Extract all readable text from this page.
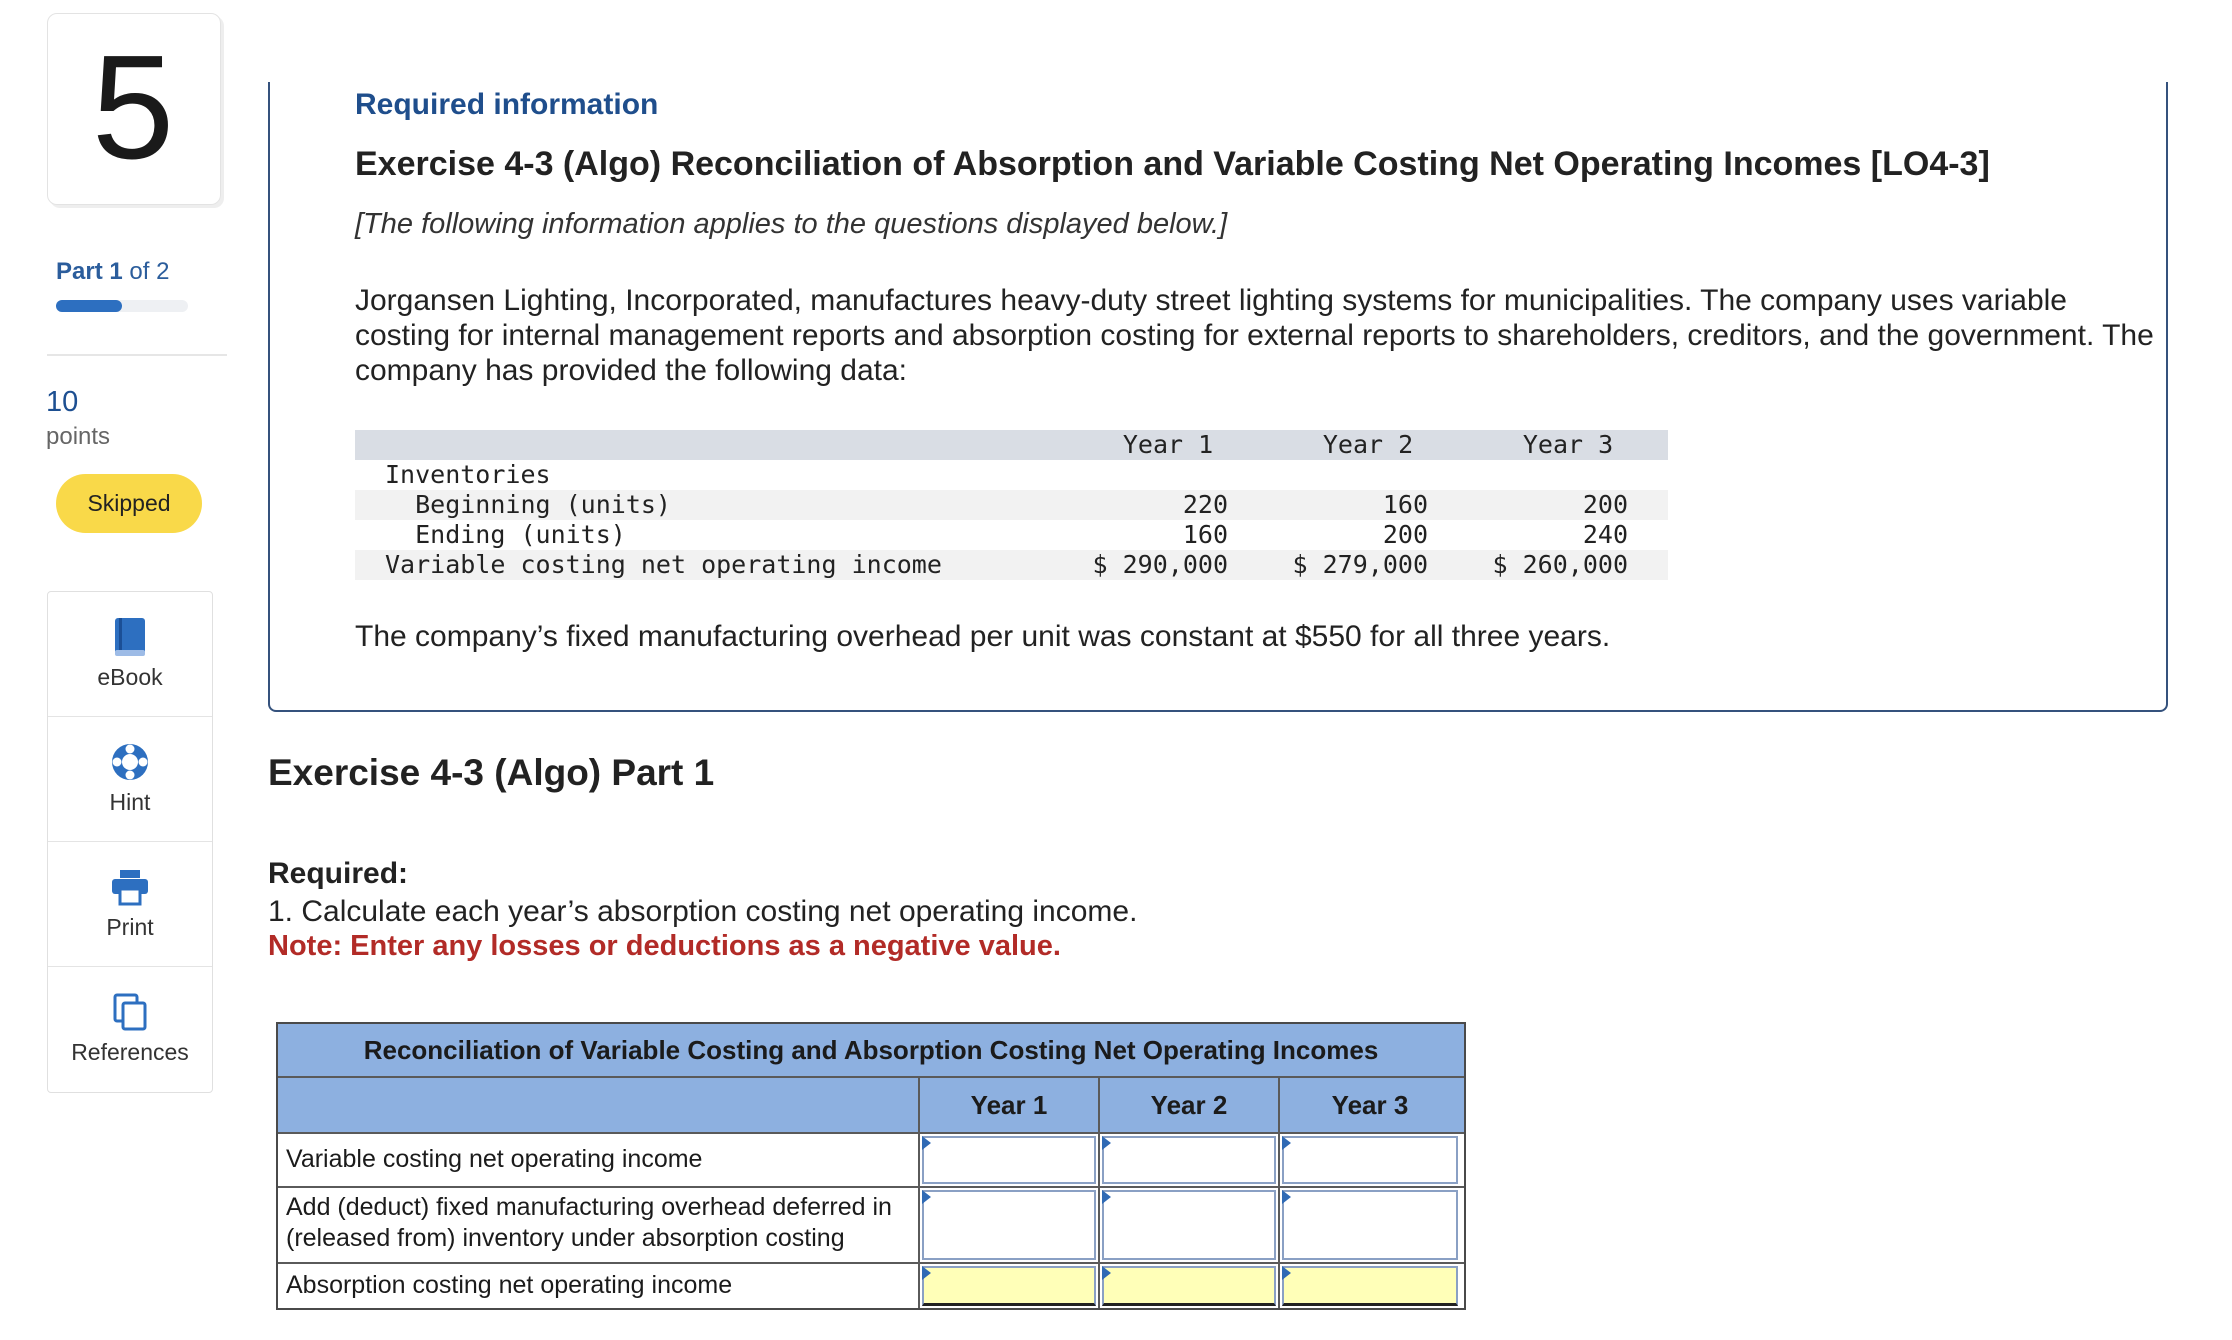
5
Part 1 of 2
10
points
Skipped
eBook
Hint
Print
References
Required information
Exercise 4-3 (Algo) Reconciliation of Absorption and Variable Costing Net Operating Incomes [LO4-3]
[The following information applies to the questions displayed below.]
Jorgansen Lighting, Incorporated, manufactures heavy-duty street lighting systems for municipalities. The company uses variable costing for internal management reports and absorption costing for external reports to shareholders, creditors, and the government. The company has provided the following data:
	Year 1	Year 2	Year 3
Inventories			
Beginning (units)	220	160	200
Ending (units)	160	200	240
Variable costing net operating income	$ 290,000	$ 279,000	$ 260,000
The company’s fixed manufacturing overhead per unit was constant at $550 for all three years.
Exercise 4-3 (Algo) Part 1
Required:
1. Calculate each year’s absorption costing net operating income.
Note: Enter any losses or deductions as a negative value.
Reconciliation of Variable Costing and Absorption Costing Net Operating Incomes
Year 1	Year 2	Year 3
Variable costing net operating income
Add (deduct) fixed manufacturing overhead deferred in (released from) inventory under absorption costing
Absorption costing net operating income
